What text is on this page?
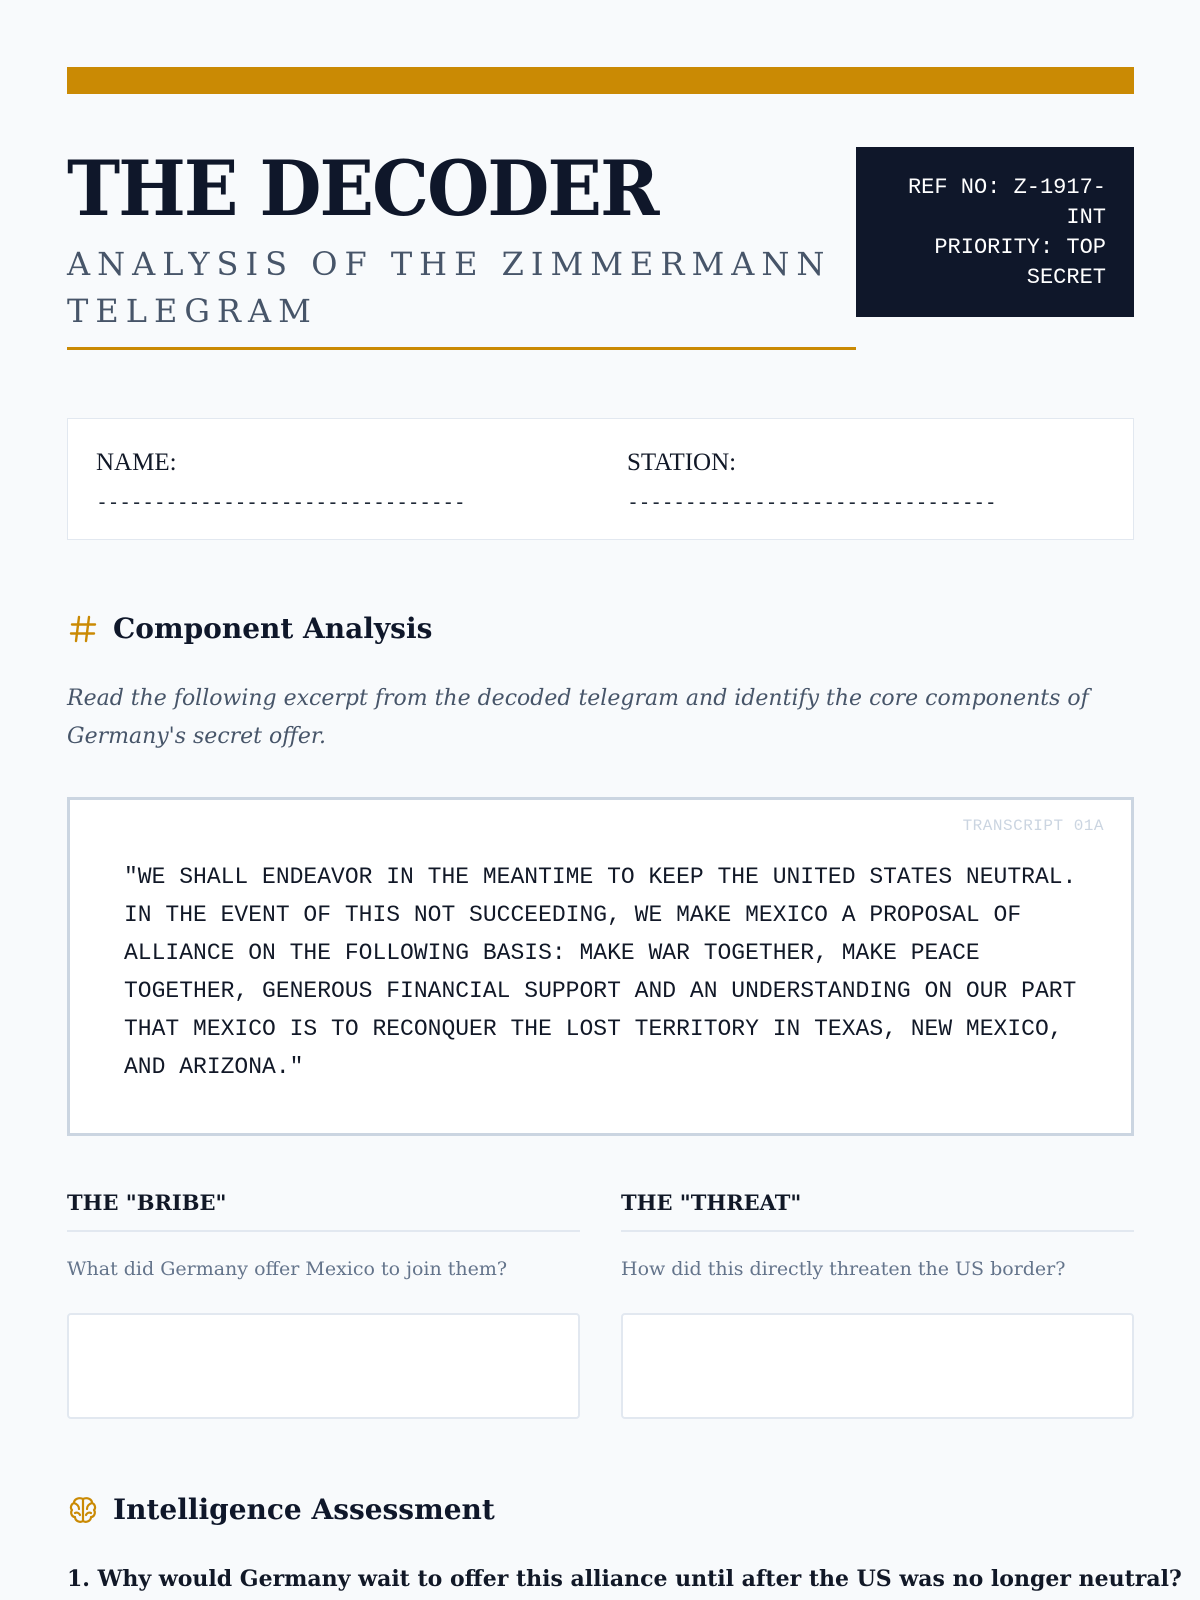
THE DECODER
ANALYSIS OF THE ZIMMERMANN TELEGRAM
REF NO: Z-1917-
INT
PRIORITY: TOP
SECRET
NAME:
--------------------------------
STATION:
--------------------------------
Component Analysis
Read the following excerpt from the decoded telegram and identify the core components of Germany's secret offer.
TRANSCRIPT 01A
"WE SHALL ENDEAVOR IN THE MEANTIME TO KEEP THE UNITED STATES NEUTRAL. IN THE EVENT OF THIS NOT SUCCEEDING, WE MAKE MEXICO A PROPOSAL OF ALLIANCE ON THE FOLLOWING BASIS: MAKE WAR TOGETHER, MAKE PEACE TOGETHER, GENEROUS FINANCIAL SUPPORT AND AN UNDERSTANDING ON OUR PART THAT MEXICO IS TO RECONQUER THE LOST TERRITORY IN TEXAS, NEW MEXICO, AND ARIZONA."
THE "BRIBE"
What did Germany offer Mexico to join them?
THE "THREAT"
How did this directly threaten the US border?
Intelligence Assessment
1. Why would Germany wait to offer this alliance until after the US was no longer neutral?
